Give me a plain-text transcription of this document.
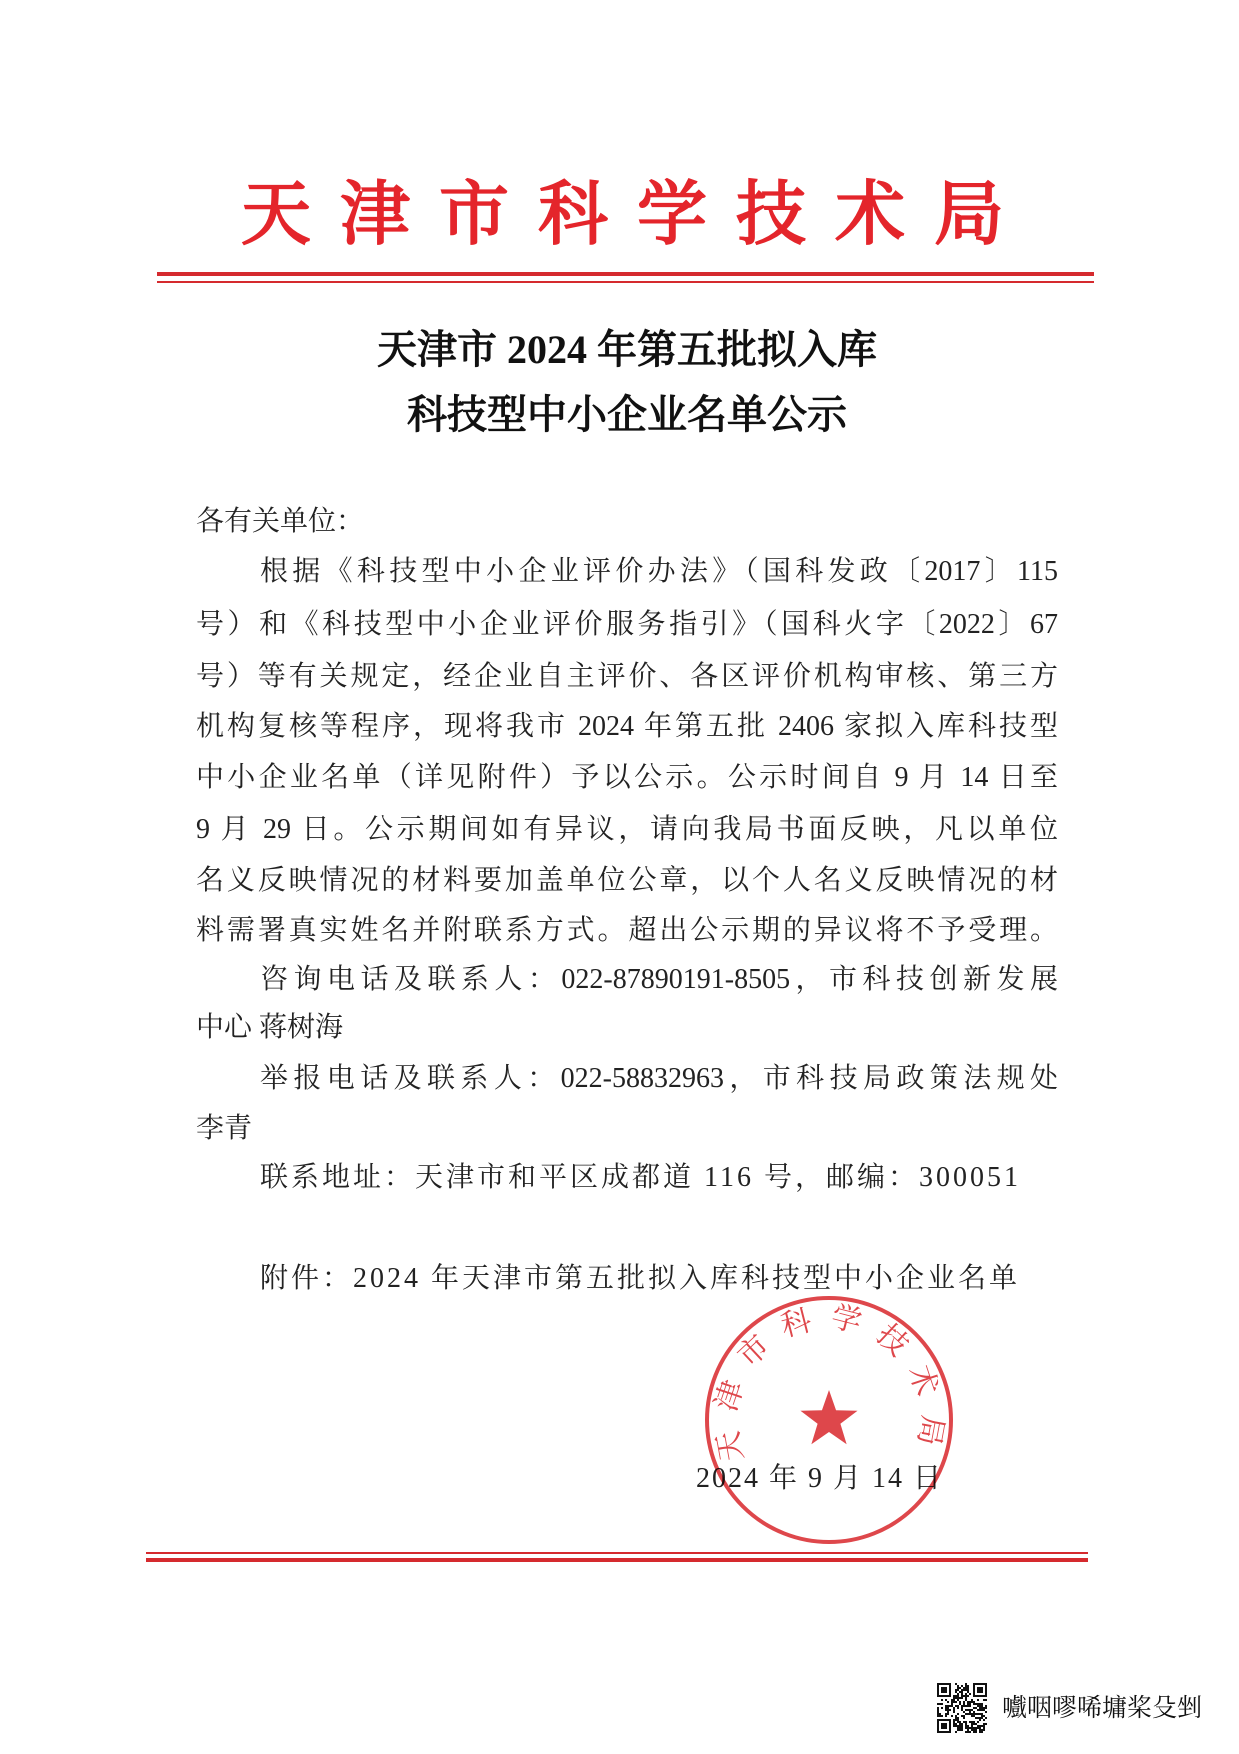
天津市科学技术局
天津市 2024 年第五批拟入库
科技型中小企业名单公示
各有关单位：
根据《科技型中小企业评价办法》（国科发政〔2017〕115
号）和《科技型中小企业评价服务指引》（国科火字〔2022〕67
号）等有关规定，经企业自主评价、各区评价机构审核、第三方
机构复核等程序，现将我市 2024 年第五批 2406 家拟入库科技型
中小企业名单（详见附件）予以公示。公示时间自 9 月 14 日至
9 月 29 日。公示期间如有异议，请向我局书面反映，凡以单位
名义反映情况的材料要加盖单位公章，以个人名义反映情况的材
料需署真实姓名并附联系方式。超出公示期的异议将不予受理。
咨询电话及联系人：022-87890191-8505，市科技创新发展
中心 蒋树海
举报电话及联系人：022-58832963，市科技局政策法规处
李青
联系地址：天津市和平区成都道 116 号，邮编：300051
附件：2024 年天津市第五批拟入库科技型中小企业名单
2024 年 9 月 14 日
天津市科学技术局
嚱咽嘐唏墉桨殳剉
